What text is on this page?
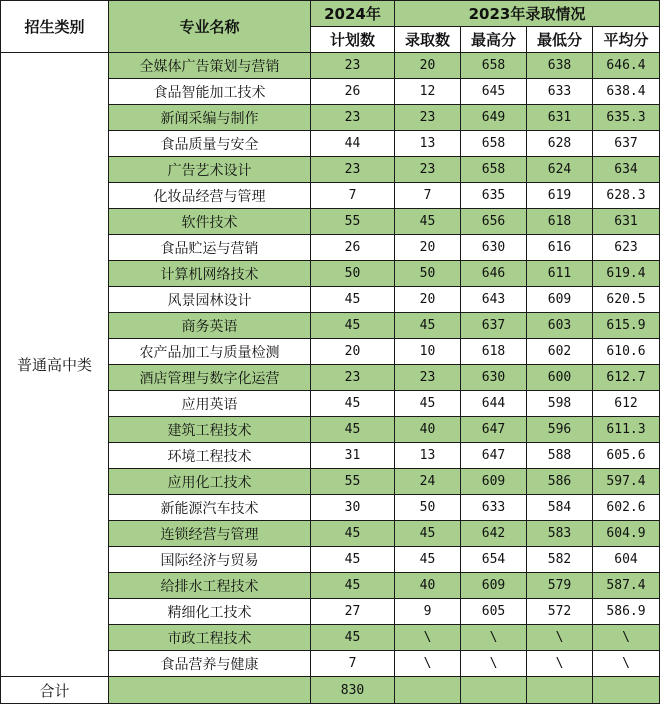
招生类别	专业名称	2024年	2023年录取情况			
		计划数	录取数	最高分	最低分	平均分
普通高中类	全媒体广告策划与营销	23	20	658	638	646.4
	食品智能加工技术	26	12	645	633	638.4
	新闻采编与制作	23	23	649	631	635.3
	食品质量与安全	44	13	658	628	637
	广告艺术设计	23	23	658	624	634
	化妆品经营与管理	7	7	635	619	628.3
	软件技术	55	45	656	618	631
	食品贮运与营销	26	20	630	616	623
	计算机网络技术	50	50	646	611	619.4
	风景园林设计	45	20	643	609	620.5
	商务英语	45	45	637	603	615.9
	农产品加工与质量检测	20	10	618	602	610.6
	酒店管理与数字化运营	23	23	630	600	612.7
	应用英语	45	45	644	598	612
	建筑工程技术	45	40	647	596	611.3
	环境工程技术	31	13	647	588	605.6
	应用化工技术	55	24	609	586	597.4
	新能源汽车技术	30	50	633	584	602.6
	连锁经营与管理	45	45	642	583	604.9
	国际经济与贸易	45	45	654	582	604
	给排水工程技术	45	40	609	579	587.4
	精细化工技术	27	9	605	572	586.9
	市政工程技术	45	\	\	\	\
	食品营养与健康	7	\	\	\	\
合计		830				
